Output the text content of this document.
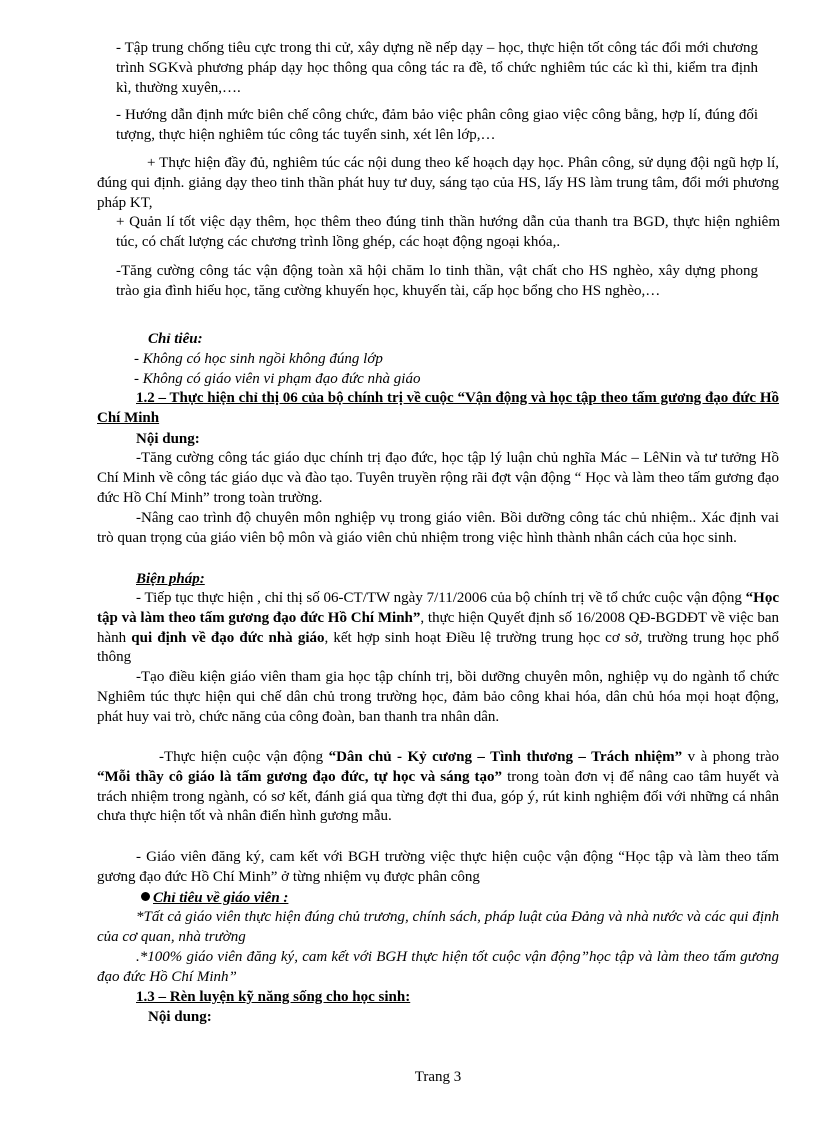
- Tập trung chống tiêu cực trong thi cử, xây dựng nề nếp dạy – học, thực hiện tốt công tác đổi mới chương trình SGKvà phương pháp dạy học thông qua công tác ra đề, tổ chức nghiêm túc các kì thi, kiểm tra định kì, thường xuyên,….

- Hướng dẫn định mức biên chế công chức, đảm bảo việc phân công giao việc công bằng, hợp lí, đúng đối tượng, thực hiện nghiêm túc công tác tuyển sinh, xét lên lớp,…

+ Thực hiện đầy đủ, nghiêm túc các nội dung theo kế hoạch dạy học. Phân công, sử dụng đội ngũ hợp lí, đúng qui định. giảng dạy theo tinh thần phát huy tư duy, sáng tạo của HS, lấy HS làm trung tâm, đổi mới phương pháp KT,

+ Quản lí tốt việc dạy thêm, học thêm theo đúng tinh thần hướng dẫn của thanh tra BGD, thực hiện nghiêm túc, có chất lượng các chương trình lồng ghép, các hoạt động ngoại khóa,.

-Tăng cường công tác vận động toàn xã hội chăm lo tinh thần, vật chất cho HS nghèo, xây dựng phong trào gia đình hiếu học, tăng cường khuyến học, khuyến tài, cấp học bổng cho HS nghèo,…

Chỉ tiêu:
- Không có học sinh ngồi không đúng lớp
- Không có giáo viên vi phạm đạo đức nhà giáo

1.2 – Thực hiện chỉ thị 06 của bộ chính trị về cuộc “Vận động và học tập theo tấm gương đạo đức Hồ Chí Minh

Nội dung:

-Tăng cường công tác giáo dục chính trị đạo đức, học tập lý luận chủ nghĩa Mác – LêNin và tư tưởng Hồ Chí Minh về công tác giáo dục và đào tạo. Tuyên truyền rộng rãi đợt vận động “ Học và làm theo tấm gương đạo đức Hồ Chí Minh” trong toàn trường.

-Nâng cao trình độ chuyên môn nghiệp vụ trong giáo viên. Bồi dưỡng công tác chủ nhiệm.. Xác định vai trò quan trọng của giáo viên bộ môn và giáo viên chủ nhiệm trong việc hình thành nhân cách của học sinh.

Biện pháp:

- Tiếp tục thực hiện , chỉ thị số 06-CT/TW ngày 7/11/2006 của bộ chính trị về tổ chức cuộc vận động “Học tập và làm theo tấm gương đạo đức Hồ Chí Minh”, thực hiện Quyết định số 16/2008 QĐ-BGDĐT về việc ban hành qui định về đạo đức nhà giáo, kết hợp sinh hoạt Điều lệ trường trung học cơ sở, trường trung học phổ thông

-Tạo điều kiện giáo viên tham gia học tập chính trị, bồi dưỡng chuyên môn, nghiệp vụ do ngành tổ chức Nghiêm túc thực hiện qui chế dân chủ trong trường học, đảm bảo công khai hóa, dân chủ hóa mọi hoạt động, phát huy vai trò, chức năng của công đoàn, ban thanh tra nhân dân.

-Thực hiện cuộc vận động “Dân chủ - Kỷ cương – Tình thương – Trách nhiệm” v à phong trào “Mỗi thầy cô giáo là tấm gương đạo đức, tự học và sáng tạo” trong toàn đơn vị để nâng cao tâm huyết và trách nhiệm trong ngành, có sơ kết, đánh giá qua từng đợt thi đua, góp ý, rút kinh nghiệm đối với những cá nhân chưa thực hiện tốt và nhân điển hình gương mẫu.

- Giáo viên đăng ký, cam kết với BGH trường việc thực hiện cuộc vận động “Học tập và làm theo tấm gương đạo đức Hồ Chí Minh” ở từng nhiệm vụ được phân công

Chỉ tiêu về giáo viên :

*Tất cả giáo viên thực hiện đúng chủ trương, chính sách, pháp luật của Đảng và nhà nước và các qui định của cơ quan, nhà trường

.*100% giáo viên đăng ký, cam kết với BGH thực hiện tốt cuộc vận động”học tập và làm theo tấm gương đạo đức Hồ Chí Minh”

1.3 – Rèn luyện kỹ năng sống cho học sinh:
Nội dung:
Trang 3
